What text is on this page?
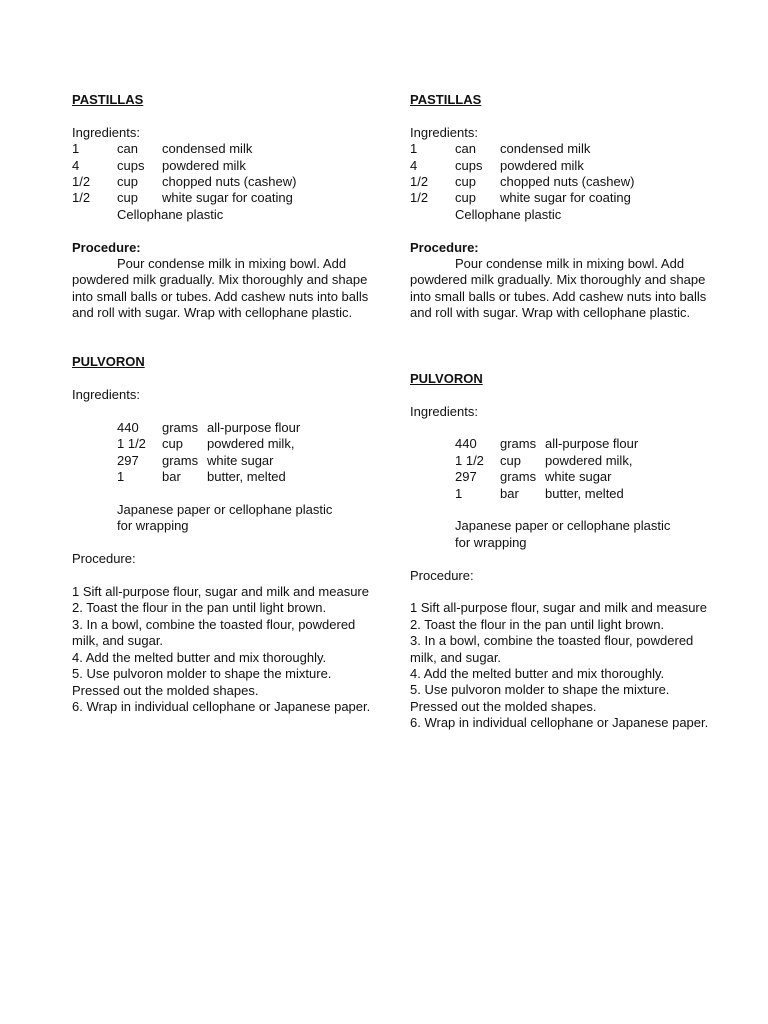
PASTILLAS
Ingredients:
1	can	condensed milk
4	cups	powdered milk
1/2	cup	chopped nuts (cashew)
1/2	cup	white sugar for coating
Cellophane plastic
Procedure:
Pour condense milk in mixing bowl. Add powdered milk gradually. Mix thoroughly and shape into small balls or tubes. Add cashew nuts into balls and roll with sugar. Wrap with cellophane plastic.
PULVORON
Ingredients:
440	grams all-purpose flour
1 1/2	cup	powdered milk,
297	grams white sugar
1	bar	butter, melted
Japanese paper or cellophane plastic
for wrapping
Procedure:
1 Sift all-purpose flour, sugar and milk and measure
2. Toast the flour in the pan until light brown.
3. In a bowl, combine the toasted flour, powdered milk, and sugar.
4. Add the melted butter and mix thoroughly.
5. Use pulvoron molder to shape the mixture. Pressed out the molded shapes.
6. Wrap in individual cellophane or Japanese paper.
PASTILLAS
Ingredients:
1	can	condensed milk
4	cups	powdered milk
1/2	cup	chopped nuts (cashew)
1/2	cup	white sugar for coating
Cellophane plastic
Procedure:
Pour condense milk in mixing bowl. Add powdered milk gradually. Mix thoroughly and shape into small balls or tubes. Add cashew nuts into balls and roll with sugar. Wrap with cellophane plastic.
PULVORON
Ingredients:
440	grams all-purpose flour
1 1/2	cup	powdered milk,
297	grams white sugar
1	bar	butter, melted
Japanese paper or cellophane plastic
for wrapping
Procedure:
1 Sift all-purpose flour, sugar and milk and measure
2. Toast the flour in the pan until light brown.
3. In a bowl, combine the toasted flour, powdered milk, and sugar.
4. Add the melted butter and mix thoroughly.
5. Use pulvoron molder to shape the mixture. Pressed out the molded shapes.
6. Wrap in individual cellophane or Japanese paper.
